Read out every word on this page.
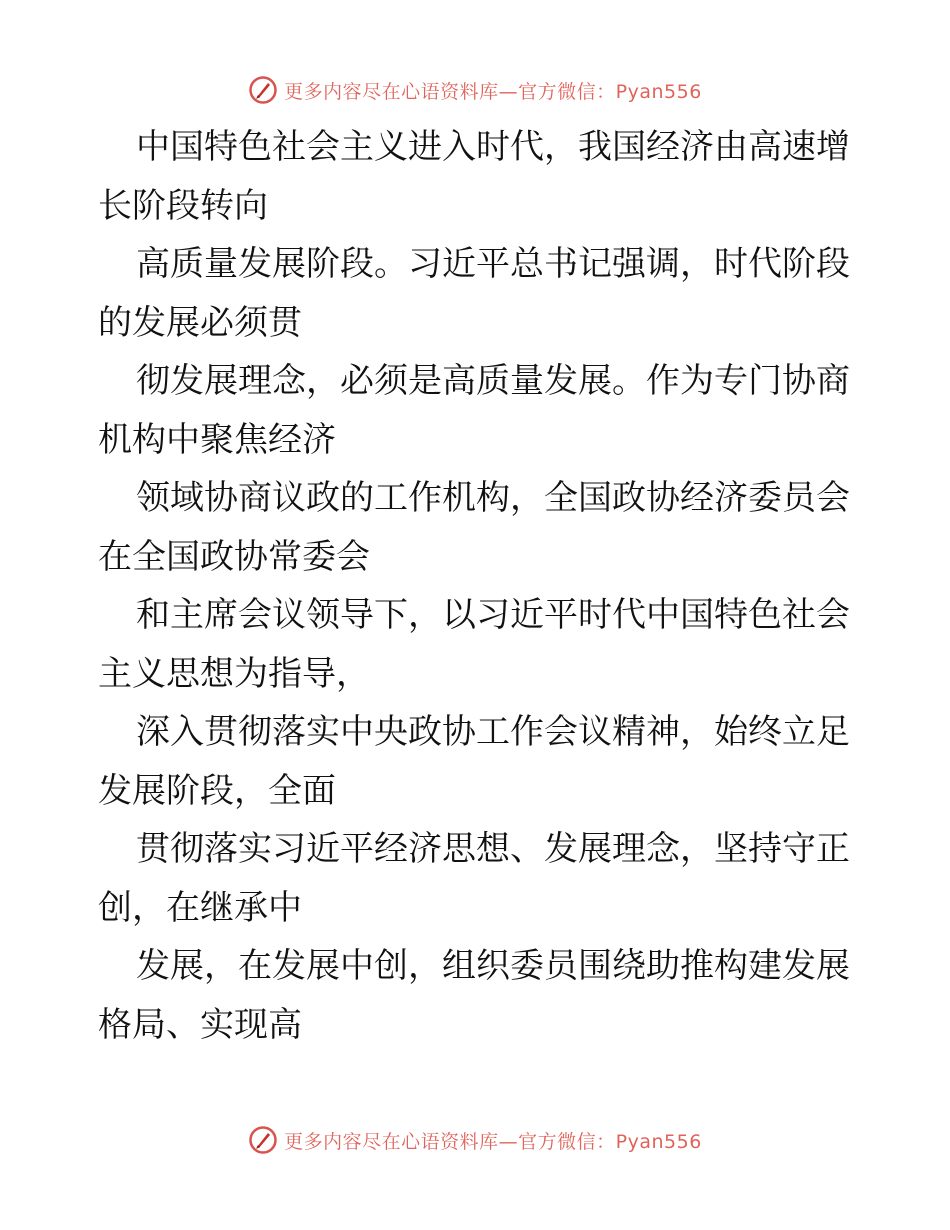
更多内容尽在心语资料库—官方微信：Pyan556

中国特色社会主义进入时代，我国经济由高速增
长阶段转向

高质量发展阶段。习近平总书记强调，时代阶段
的发展必须贯

彻发展理念，必须是高质量发展。作为专门协商
机构中聚焦经济

领域协商议政的工作机构，全国政协经济委员会
在全国政协常委会

和主席会议领导下，以习近平时代中国特色社会
主义思想为指导，

深入贯彻落实中央政协工作会议精神，始终立足
发展阶段，全面

贯彻落实习近平经济思想、发展理念，坚持守正
创，在继承中

发展，在发展中创，组织委员围绕助推构建发展
格局、实现高

更多内容尽在心语资料库—官方微信：Pyan556
